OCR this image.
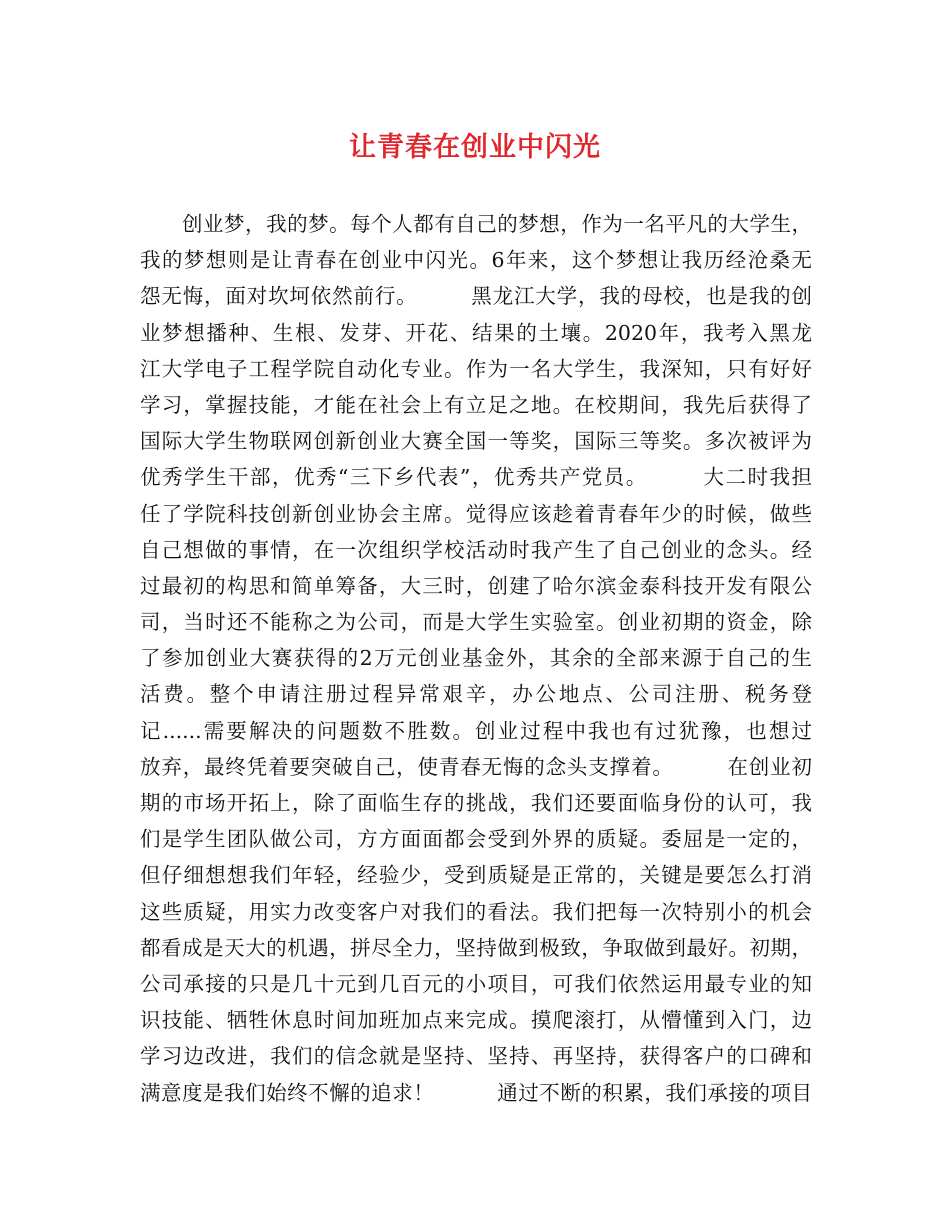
让青春在创业中闪光
创业梦，我的梦。每个人都有自己的梦想，作为一名平凡的大学生，
我的梦想则是让青春在创业中闪光。6年来，这个梦想让我历经沧桑无
怨无悔，面对坎坷依然前行。　　　黑龙江大学，我的母校，也是我的创
业梦想播种、生根、发芽、开花、结果的土壤。2020年，我考入黑龙
江大学电子工程学院自动化专业。作为一名大学生，我深知，只有好好
学习，掌握技能，才能在社会上有立足之地。在校期间，我先后获得了
国际大学生物联网创新创业大赛全国一等奖，国际三等奖。多次被评为
优秀学生干部，优秀“三下乡代表”，优秀共产党员。　　　大二时我担
任了学院科技创新创业协会主席。觉得应该趁着青春年少的时候，做些
自己想做的事情，在一次组织学校活动时我产生了自己创业的念头。经
过最初的构思和简单筹备，大三时，创建了哈尔滨金泰科技开发有限公
司，当时还不能称之为公司，而是大学生实验室。创业初期的资金，除
了参加创业大赛获得的2万元创业基金外，其余的全部来源于自己的生
活费。整个申请注册过程异常艰辛，办公地点、公司注册、税务登
记......需要解决的问题数不胜数。创业过程中我也有过犹豫，也想过
放弃，最终凭着要突破自己，使青春无悔的念头支撑着。　　　在创业初
期的市场开拓上，除了面临生存的挑战，我们还要面临身份的认可，我
们是学生团队做公司，方方面面都会受到外界的质疑。委屈是一定的，
但仔细想想我们年轻，经验少，受到质疑是正常的，关键是要怎么打消
这些质疑，用实力改变客户对我们的看法。我们把每一次特别小的机会
都看成是天大的机遇，拼尽全力，坚持做到极致，争取做到最好。初期，
公司承接的只是几十元到几百元的小项目，可我们依然运用最专业的知
识技能、牺牲休息时间加班加点来完成。摸爬滚打，从懵懂到入门，边
学习边改进，我们的信念就是坚持、坚持、再坚持，获得客户的口碑和
满意度是我们始终不懈的追求！　　　通过不断的积累，我们承接的项目
